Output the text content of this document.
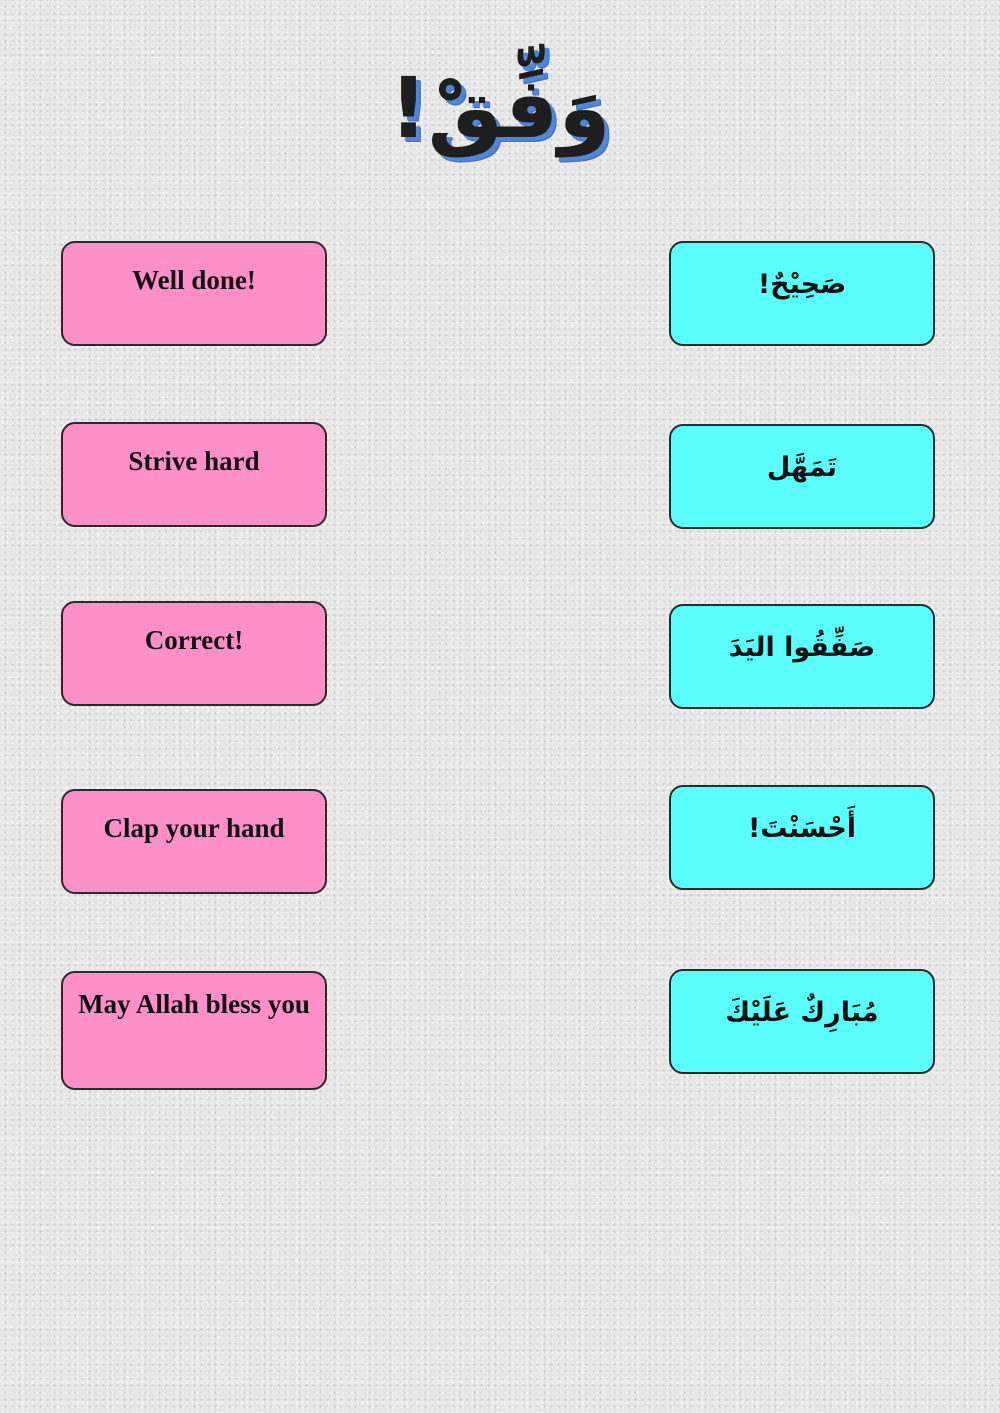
وَفِّقْ!
Well done!
Strive hard
Correct!
Clap your hand
May Allah bless you
صَحِيْحٌ!
تَمَهَّل
صَفِّقُوا اليَدَ
أَحْسَنْتَ!
مُبَارِكٌ عَلَيْكَ
